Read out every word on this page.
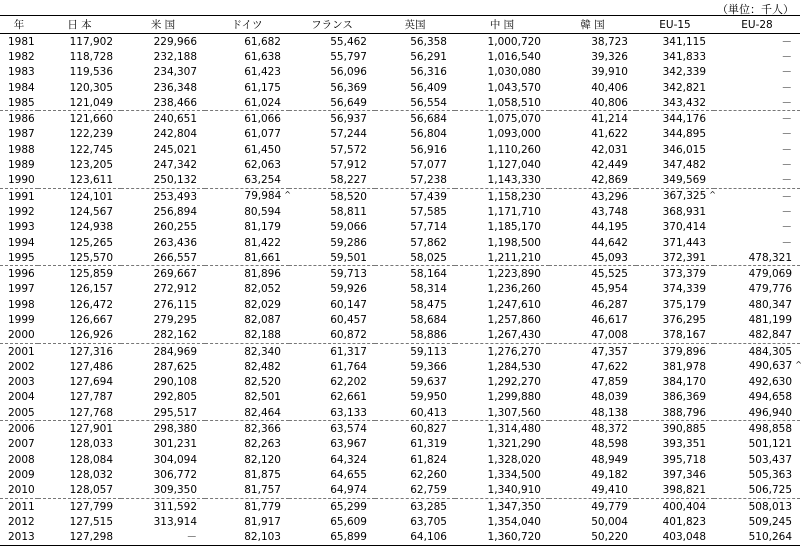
（単位：千人）
年	日 本	米 国	ドイツ	フランス	英国	中 国	韓 国	EU-15	EU-28
1981	117,902	229,966	61,682	55,462	56,358	1,000,720	38,723	341,115	－
1982	118,728	232,188	61,638	55,797	56,291	1,016,540	39,326	341,833	－
1983	119,536	234,307	61,423	56,096	56,316	1,030,080	39,910	342,339	－
1984	120,305	236,348	61,175	56,369	56,409	1,043,570	40,406	342,821	－
1985	121,049	238,466	61,024	56,649	56,554	1,058,510	40,806	343,432	－
1986	121,660	240,651	61,066	56,937	56,684	1,075,070	41,214	344,176	－
1987	122,239	242,804	61,077	57,244	56,804	1,093,000	41,622	344,895	－
1988	122,745	245,021	61,450	57,572	56,916	1,110,260	42,031	346,015	－
1989	123,205	247,342	62,063	57,912	57,077	1,127,040	42,449	347,482	－
1990	123,611	250,132	63,254	58,227	57,238	1,143,330	42,869	349,569	－
1991	124,101	253,493	79,984 ^	58,520	57,439	1,158,230	43,296	367,325 ^	－
1992	124,567	256,894	80,594	58,811	57,585	1,171,710	43,748	368,931	－
1993	124,938	260,255	81,179	59,066	57,714	1,185,170	44,195	370,414	－
1994	125,265	263,436	81,422	59,286	57,862	1,198,500	44,642	371,443	－
1995	125,570	266,557	81,661	59,501	58,025	1,211,210	45,093	372,391	478,321
1996	125,859	269,667	81,896	59,713	58,164	1,223,890	45,525	373,379	479,069
1997	126,157	272,912	82,052	59,926	58,314	1,236,260	45,954	374,339	479,776
1998	126,472	276,115	82,029	60,147	58,475	1,247,610	46,287	375,179	480,347
1999	126,667	279,295	82,087	60,457	58,684	1,257,860	46,617	376,295	481,199
2000	126,926	282,162	82,188	60,872	58,886	1,267,430	47,008	378,167	482,847
2001	127,316	284,969	82,340	61,317	59,113	1,276,270	47,357	379,896	484,305
2002	127,486	287,625	82,482	61,764	59,366	1,284,530	47,622	381,978	490,637 ^
2003	127,694	290,108	82,520	62,202	59,637	1,292,270	47,859	384,170	492,630
2004	127,787	292,805	82,501	62,661	59,950	1,299,880	48,039	386,369	494,658
2005	127,768	295,517	82,464	63,133	60,413	1,307,560	48,138	388,796	496,940
2006	127,901	298,380	82,366	63,574	60,827	1,314,480	48,372	390,885	498,858
2007	128,033	301,231	82,263	63,967	61,319	1,321,290	48,598	393,351	501,121
2008	128,084	304,094	82,120	64,324	61,824	1,328,020	48,949	395,718	503,437
2009	128,032	306,772	81,875	64,655	62,260	1,334,500	49,182	397,346	505,363
2010	128,057	309,350	81,757	64,974	62,759	1,340,910	49,410	398,821	506,725
2011	127,799	311,592	81,779	65,299	63,285	1,347,350	49,779	400,404	508,013
2012	127,515	313,914	81,917	65,609	63,705	1,354,040	50,004	401,823	509,245
2013	127,298	－	82,103	65,899	64,106	1,360,720	50,220	403,048	510,264
